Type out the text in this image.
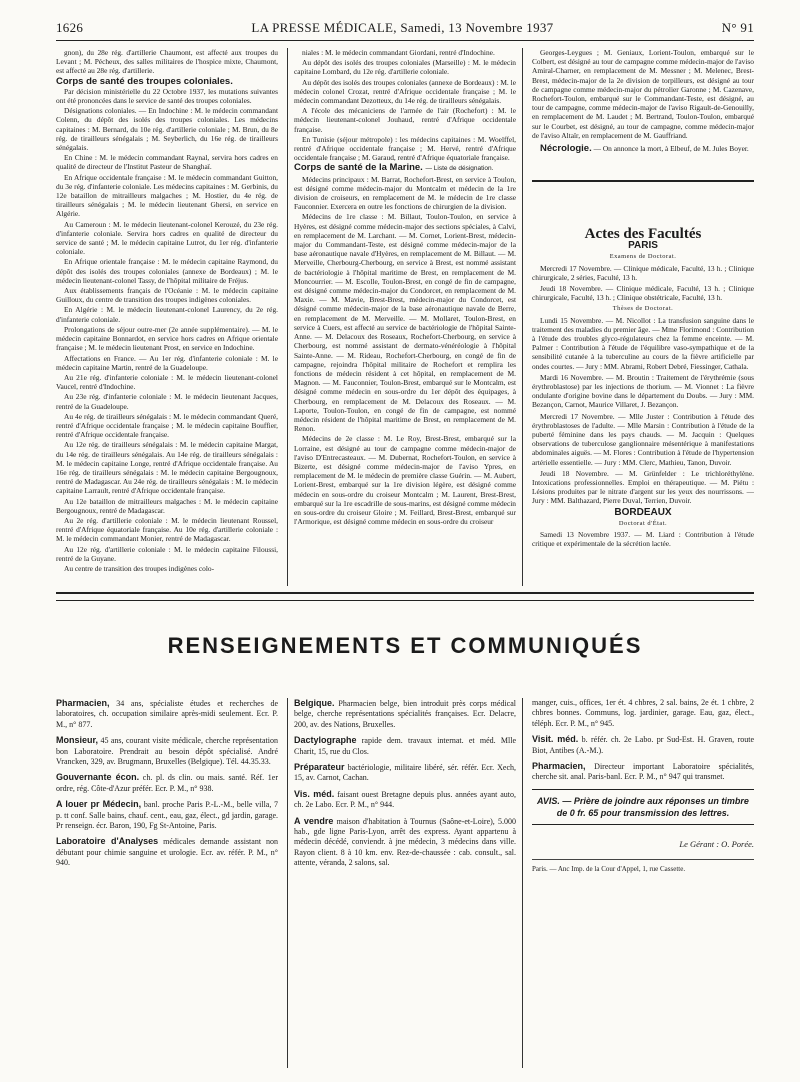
1626	LA PRESSE MÉDICALE, Samedi, 13 Novembre 1937	N° 91

gnon), du 28e rég. d'artillerie Chaumont, est affecté aux troupes du Levant ; M. Pécheux, des salles militaires de l'hospice mixte, Chaumont, est affecté au 28e rég. d'artillerie.

Corps de santé des troupes coloniales.

Par décision ministérielle du 22 Octobre 1937, les mutations suivantes ont été prononcées dans le service de santé des troupes coloniales.

Désignations coloniales. — En Indochine : M. le médecin commandant Colenn, du dépôt des isolés des troupes coloniales. Les médecins capitaines : M. Bernard, du 10e rég. d'artillerie coloniale ; M. Brun, du 8e rég. de tirailleurs sénégalais ; M. Seyberlich, du 16e rég. de tirailleurs sénégalais.

En Chine : M. le médecin commandant Raynal, servira hors cadres en qualité de directeur de l'Institut Pasteur de Shanghaï.

En Afrique occidentale française : M. le médecin commandant Guitton, du 3e rég. d'infanterie coloniale. Les médecins capitaines : M. Gerbinis, du 12e bataillon de mitrailleurs malgaches ; M. Hostier, du 4e rég. de tirailleurs sénégalais ; M. le médecin lieutenant Ghersi, en service en Algérie.

Au Cameroun : M. le médecin lieutenant-colonel Kerouzé, du 23e rég. d'infanterie coloniale. Servira hors cadres en qualité de directeur du service de santé ; M. le médecin capitaine Lutrot, du 1er rég. d'infanterie coloniale.

En Afrique orientale française : M. le médecin capitaine Raymond, du dépôt des isolés des troupes coloniales (annexe de Bordeaux) ; M. le médecin lieutenant-colonel Tassy, de l'hôpital militaire de Fréjus.

Aux établissements français de l'Océanie : M. le médecin capitaine Guilloux, du centre de transition des troupes indigènes coloniales.

En Algérie : M. le médecin lieutenant-colonel Laurency, du 2e rég. d'infanterie coloniale.

Prolongations de séjour outre-mer (2e année supplémentaire). — M. le médecin capitaine Bonnardot, en service hors cadres en Afrique orientale française ; M. le médecin lieutenant Prost, en service en Indochine.

Affectations en France. — Au 1er rég. d'infanterie coloniale : M. le médecin capitaine Martin, rentré de la Guadeloupe.

Au 21e rég. d'infanterie coloniale : M. le médecin lieutenant-colonel Vaucel, rentré d'Indochine.

Au 23e rég. d'infanterie coloniale : M. le médecin lieutenant Jacques, rentré de la Guadeloupe.

Au 4e rég. de tirailleurs sénégalais : M. le médecin commandant Queré, rentré d'Afrique occidentale française ; M. le médecin capitaine Bouffier, rentré d'Afrique occidentale française.

Au 12e rég. de tirailleurs sénégalais : M. le médecin capitaine Margat, du 14e rég. de tirailleurs sénégalais. Au 14e rég. de tirailleurs sénégalais : M. le médecin capitaine Longe, rentré d'Afrique occidentale française. Au 16e rég. de tirailleurs sénégalais : M. le médecin capitaine Bergougnoux, rentré de Madagascar. Au 24e rég. de tirailleurs sénégalais : M. le médecin capitaine Larrault, rentré d'Afrique occidentale française.

Au 12e bataillon de mitrailleurs malgaches : M. le médecin capitaine Bergougnoux, rentré de Madagascar.

Au 2e rég. d'artillerie coloniale : M. le médecin lieutenant Roussel, rentré d'Afrique équatoriale française. Au 10e rég. d'artillerie coloniale : M. le médecin commandant Monier, rentré de Madagascar.

Au 12e rég. d'artillerie coloniale : M. le médecin capitaine Filoussi, rentré de la Guyane.

Au centre de transition des troupes indigènes colo-

niales : M. le médecin commandant Giordani, rentré d'Indochine.

Au dépôt des isolés des troupes coloniales (Marseille) : M. le médecin capitaine Lombard, du 12e rég. d'artillerie coloniale.

Au dépôt des isolés des troupes coloniales (annexe de Bordeaux) : M. le médecin colonel Crozat, rentré d'Afrique occidentale française ; M. le médecin commandant Dezotteux, du 14e rég. de tirailleurs sénégalais.

A l'école des mécaniciens de l'armée de l'air (Rochefort) : M. le médecin lieutenant-colonel Jouhaud, rentré d'Afrique occidentale française.

En Tunisie (séjour métropole) : les médecins capitaines : M. Woelffel, rentré d'Afrique occidentale française ; M. Hervé, rentré d'Afrique occidentale française ; M. Garaud, rentré d'Afrique équatoriale française.

Corps de santé de la Marine. — Liste de désignation.

Médecins principaux : M. Barrat, Rochefort-Brest, en service à Toulon, est désigné comme médecin-major du Montcalm et médecin de la 1re division de croiseurs, en remplacement de M. le médecin de 1re classe Fauconnier. Exercera en outre les fonctions de chirurgien de la division.

Médecins de 1re classe : M. Billaut, Toulon-Toulon, en service à Hyères, est désigné comme médecin-major des sections spéciales, à Calvi, en remplacement de M. Larchant. — M. Cornet, Lorient-Brest, médecin-major du Commandant-Teste, est désigné comme médecin-major de la base aéronautique navale d'Hyères, en remplacement de M. Billaut. — M. Merveille, Cherbourg-Cherbourg, en service à Brest, est nommé assistant de bactériologie à l'hôpital maritime de Brest, en remplacement de M. Moncourrier. — M. Escolle, Toulon-Brest, en congé de fin de campagne, est désigné comme médecin-major du Condorcet, en remplacement de M. Maxie. — M. Mavie, Brest-Brest, médecin-major du Condorcet, est désigné comme médecin-major de la base aéronautique navale de Berre, en remplacement de M. Merveille. — M. Mollaret, Toulon-Brest, en service à Cuers, est affecté au service de bactériologie de l'hôpital Sainte-Anne. — M. Delacoux des Roseaux, Rochefort-Cherbourg, en service à Cherbourg, est nommé assistant de dermato-vénéréologie à l'hôpital Sainte-Anne. — M. Rideau, Rochefort-Cherbourg, en congé de fin de campagne, rejoindra l'hôpital militaire de Rochefort et remplira les fonctions de médecin résident à cet hôpital, en remplacement de M. Magnon. — M. Fauconnier, Toulon-Brest, embarqué sur le Montcalm, est désigné comme médecin en sous-ordre du 1er dépôt des équipages, à Cherbourg, en remplacement de M. Delacoux des Roseaux. — M. Laporte, Toulon-Toulon, en congé de fin de campagne, est nommé médecin résident de l'hôpital maritime de Brest, en remplacement de M. Renon.

Médecins de 2e classe : M. Le Roy, Brest-Brest, embarqué sur la Lorraine, est désigné au tour de campagne comme médecin-major de l'aviso D'Entrecasteaux. — M. Dubernat, Rochefort-Toulon, en service à Bizerte, est désigné comme médecin-major de l'aviso Ypres, en remplacement de M. le médecin de première classe Guérin. — M. Aubert, Lorient-Brest, embarqué sur la 1re division légère, est désigné comme médecin en sous-ordre du croiseur Montcalm ; M. Laurent, Brest-Brest, embarqué sur la 1re escadrille de sous-marins, est désigné comme médecin en sous-ordre du croiseur Gloire ; M. Feillard, Brest-Brest, embarqué sur l'Armorique, est désigné comme médecin en sous-ordre du croiseur

Georges-Leygues ; M. Geniaux, Lorient-Toulon, embarqué sur le Colbert, est désigné au tour de campagne comme médecin-major de l'aviso Amiral-Charner, en remplacement de M. Messner ; M. Melenec, Brest-Brest, médecin-major de la 2e division de torpilleurs, est désigné au tour de campagne comme médecin-major du pétrolier Garonne ; M. Cazenave, Rochefort-Toulon, embarqué sur le Commandant-Teste, est désigné, au tour de campagne, comme médecin-major de l'aviso Rigault-de-Genouilly, en remplacement de M. Laudet ; M. Bertrand, Toulon-Toulon, embarqué sur le Courbet, est désigné, au tour de campagne, comme médecin-major de l'aviso Altaïr, en remplacement de M. Gauffriand.

Nécrologie. — On annonce la mort, à Elbeuf, de M. Jules Boyer.

Actes des Facultés

PARIS

Examens de Doctorat.

Mercredi 17 Novembre. — Clinique médicale, Faculté, 13 h. ; Clinique chirurgicale, 2 séries, Faculté, 13 h.

Jeudi 18 Novembre. — Clinique médicale, Faculté, 13 h. ; Clinique chirurgicale, Faculté, 13 h. ; Clinique obstétricale, Faculté, 13 h.

Thèses de Doctorat.

Lundi 15 Novembre. — M. Nicollot : La transfusion sanguine dans le traitement des maladies du premier âge. — Mme Florimond : Contribution à l'étude des troubles glyco-régulateurs chez la femme enceinte. — M. Palmer : Contribution à l'étude de l'équilibre vaso-sympathique et de la sensibilité cutanée à la tuberculine au cours de la fièvre artificielle par ondes courtes. — Jury : MM. Abrami, Robert Debré, Fiessinger, Cathala.

Mardi 16 Novembre. — M. Broutin : Traitement de l'érythrémie (sous érythroblastose) par les injections de thorium. — M. Vionnet : La fièvre ondulante d'origine bovine dans le département du Doubs. — Jury : MM. Bezançon, Carnot, Maurice Villaret, J. Bezançon.

Mercredi 17 Novembre. — Mlle Juster : Contribution à l'étude des érythroblastoses de l'adulte. — Mlle Marsin : Contribution à l'étude de la puberté féminine dans les pays chauds. — M. Jacquin : Quelques observations de tuberculose ganglionnaire mésentérique à manifestations abdominales aiguës. — M. Flores : Contribution à l'étude de l'hypertension artérielle essentielle. — Jury : MM. Clerc, Mathieu, Tanon, Duvoir.

Jeudi 18 Novembre. — M. Grünfelder : Le trichloréthylène. Intoxications professionnelles. Emploi en thérapeutique. — M. Piétu : Lésions produites par le nitrate d'argent sur les yeux des nourrissons. — Jury : MM. Balthazard, Pierre Duval, Terrien, Duvoir.

BORDEAUX

Doctorat d'État.

Samedi 13 Novembre 1937. — M. Liard : Contribution à l'étude critique et expérimentale de la sécrétion lactée.

RENSEIGNEMENTS ET COMMUNIQUÉS

Pharmacien, 34 ans, spécialiste études et recherches de laboratoires, ch. occupation similaire après-midi seulement. Ecr. P. M., n° 877.

Monsieur, 45 ans, courant visite médicale, cherche représentation bon Laboratoire. Prendrait au besoin dépôt spécialisé. André Vrancken, 329, av. Brugmann, Bruxelles (Belgique). Tél. 44.35.33.

Gouvernante écon. ch. pl. ds clin. ou mais. santé. Réf. 1er ordre, rég. Côte-d'Azur préfér. Ecr. P. M., n° 938.

A louer pr Médecin, banl. proche Paris P.-L.-M., belle villa, 7 p. tt conf. Salle bains, chauf. cent., eau, gaz, élect., gd jardin, garage. Pr renseign. écr. Baron, 190, Fg St-Antoine, Paris.

Laboratoire d'Analyses médicales demande assistant non débutant pour chimie sanguine et urologie. Ecr. av. référ. P. M., n° 940.

Belgique. Pharmacien belge, bien introduit près corps médical belge, cherche représentations spécialités françaises. Ecr. Delacre, 200, av. des Nations, Bruxelles.

Dactylographe rapide dem. travaux internat. et méd. Mlle Charit, 15, rue du Clos.

Préparateur bactériologie, militaire libéré, sér. référ. Ecr. Xech, 15, av. Carnot, Cachan.

Vis. méd. faisant ouest Bretagne depuis plus. années ayant auto, ch. 2e Labo. Ecr. P. M., n° 944.

A vendre maison d'habitation à Tournus (Saône-et-Loire), 5.000 hab., gde ligne Paris-Lyon, arrêt des express. Ayant appartenu à médecin décédé, conviendr. à jne médecin, 3 médecins dans ville. Rayon client. 8 à 10 km. env. Rez-de-chaussée : cab. consult., sal. attente, véranda, 2 salons, sal.

manger, cuis., offices, 1er ét. 4 chbres, 2 sal. bains, 2e ét. 1 chbre, 2 chbres bonnes. Communs, log. jardinier, garage. Eau, gaz, élect., téléph. Ecr. P. M., n° 945.

Visit. méd. b. référ. ch. 2e Labo. pr Sud-Est. H. Graven, route Biot, Antibes (A.-M.).

Pharmacien, Directeur important Laboratoire spécialités, cherche sit. anal. Paris-banl. Ecr. P. M., n° 947 qui transmet.

AVIS. — Prière de joindre aux réponses un timbre de 0 fr. 65 pour transmission des lettres.
Le Gérant : O. Porée.
Paris. — Anc Imp. de la Cour d'Appel, 1, rue Cassette.
